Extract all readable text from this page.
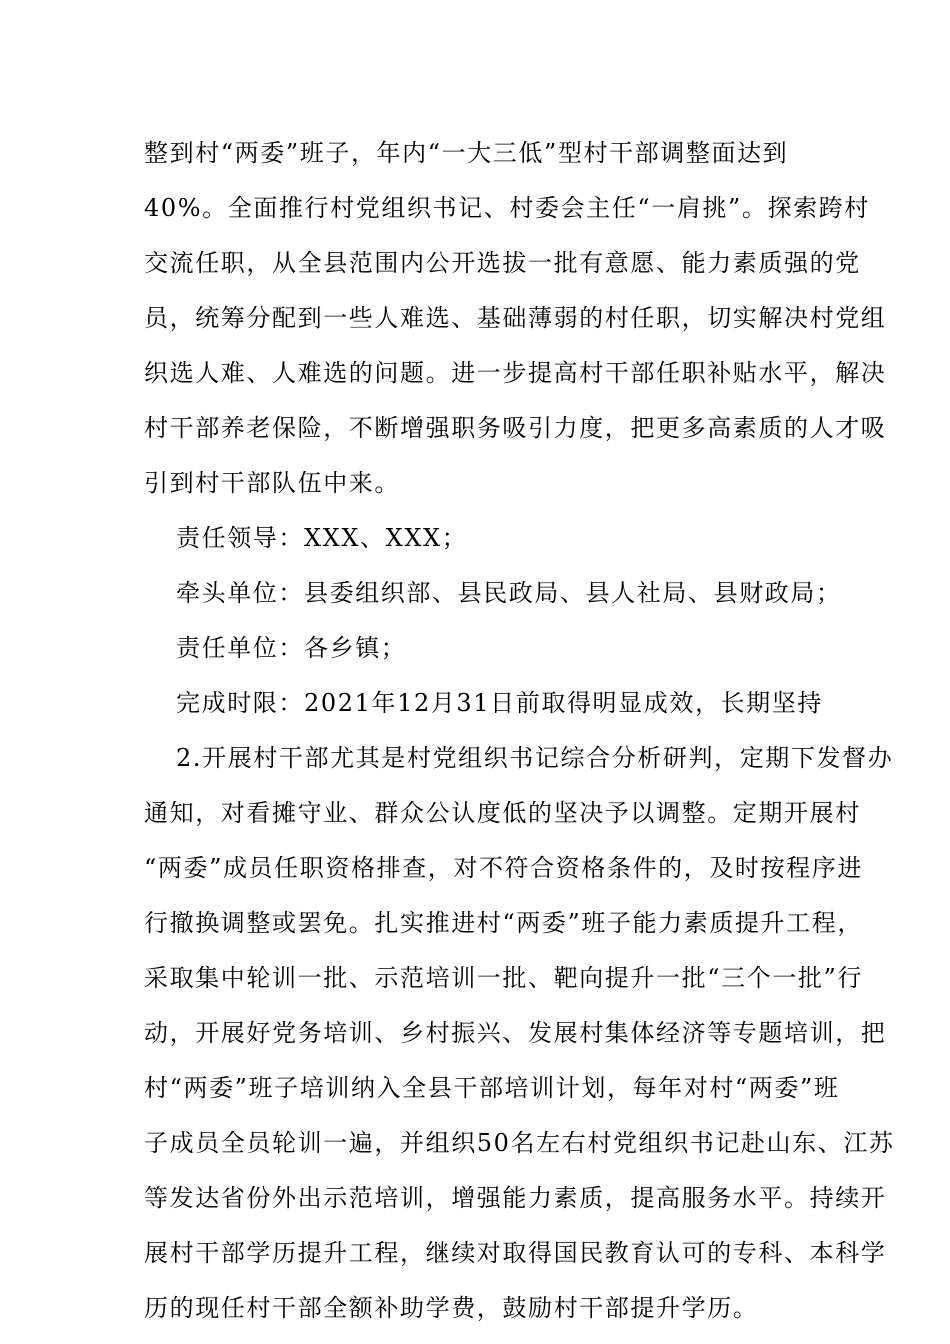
整到村“两委”班子，年内“一大三低”型村干部调整面达到
40%。全面推行村党组织书记、村委会主任“一肩挑”。探索跨村
交流任职，从全县范围内公开选拔一批有意愿、能力素质强的党
员，统筹分配到一些人难选、基础薄弱的村任职，切实解决村党组
织选人难、人难选的问题。进一步提高村干部任职补贴水平，解决
村干部养老保险，不断增强职务吸引力度，把更多高素质的人才吸
引到村干部队伍中来。
责任领导：XXX、XXX；
牵头单位：县委组织部、县民政局、县人社局、县财政局；
责任单位：各乡镇；
完成时限：2021年12月31日前取得明显成效，长期坚持
2.开展村干部尤其是村党组织书记综合分析研判，定期下发督办
通知，对看摊守业、群众公认度低的坚决予以调整。定期开展村
“两委”成员任职资格排查，对不符合资格条件的，及时按程序进
行撤换调整或罢免。扎实推进村“两委”班子能力素质提升工程，
采取集中轮训一批、示范培训一批、靶向提升一批“三个一批”行
动，开展好党务培训、乡村振兴、发展村集体经济等专题培训，把
村“两委”班子培训纳入全县干部培训计划，每年对村“两委”班
子成员全员轮训一遍，并组织50名左右村党组织书记赴山东、江苏
等发达省份外出示范培训，增强能力素质，提高服务水平。持续开
展村干部学历提升工程，继续对取得国民教育认可的专科、本科学
历的现任村干部全额补助学费，鼓励村干部提升学历。
